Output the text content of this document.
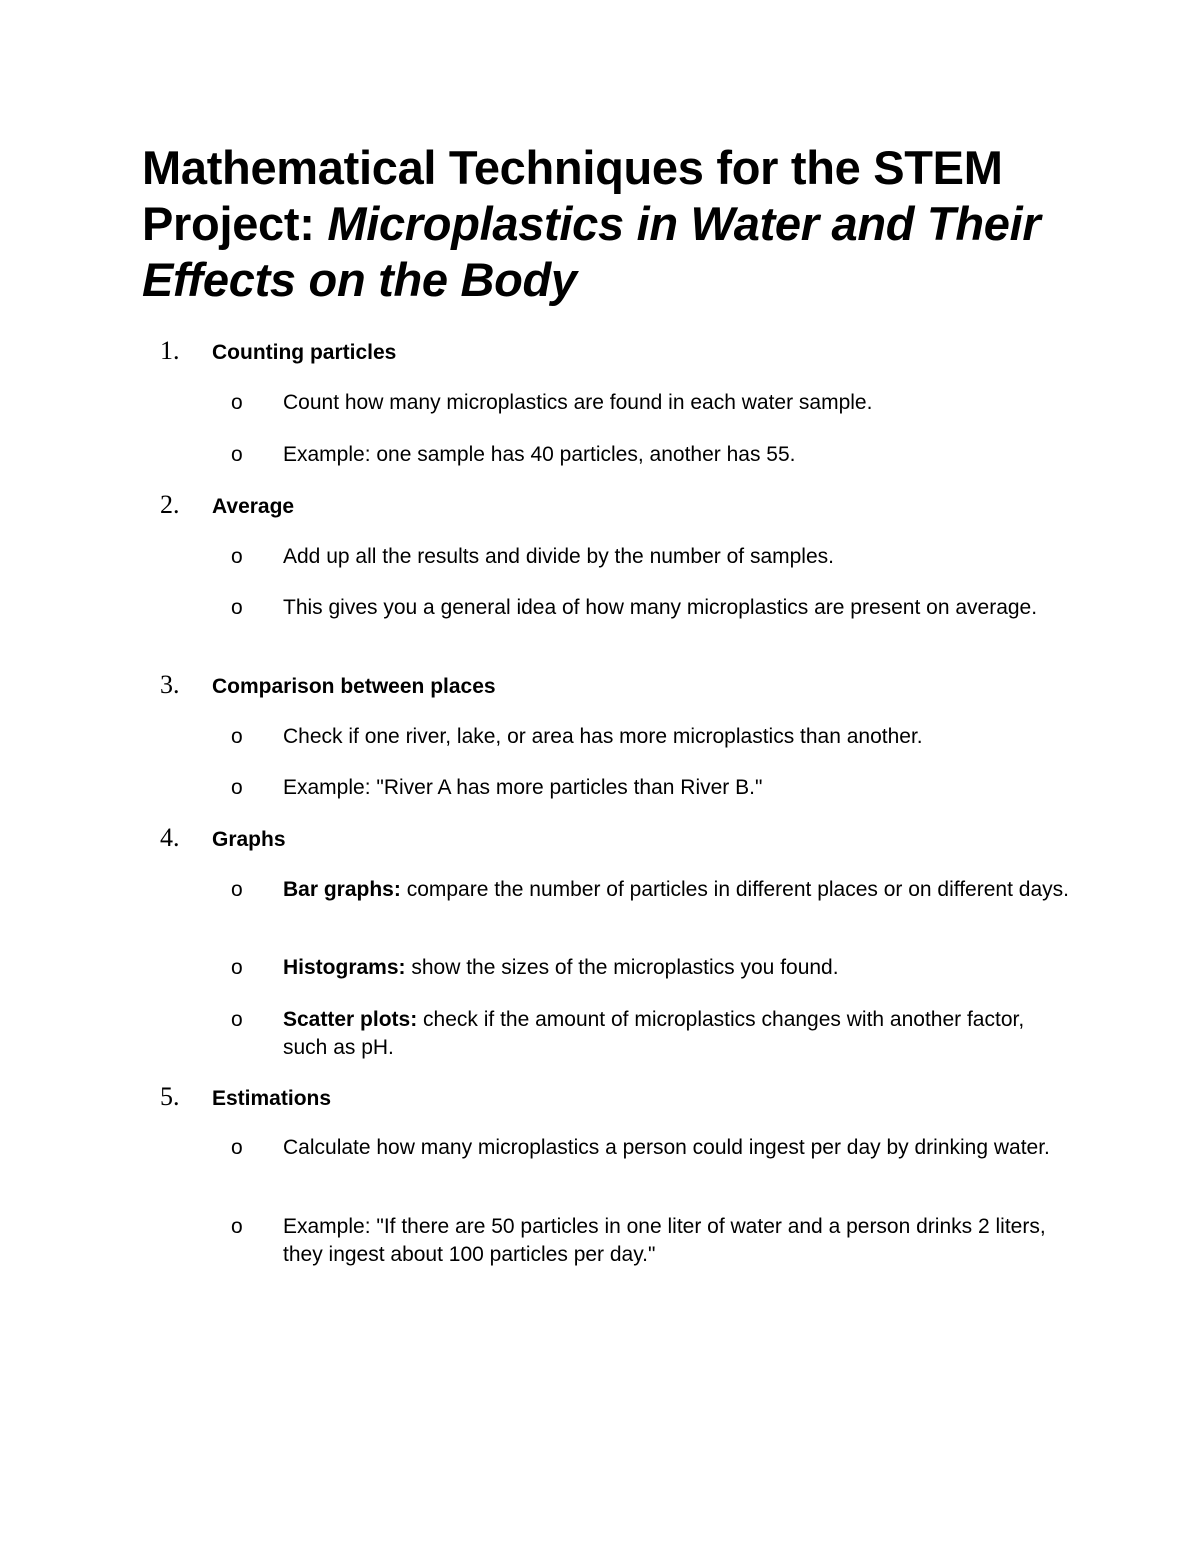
Mathematical Techniques for the STEM Project: Microplastics in Water and Their Effects on the Body
1. Counting particles
o Count how many microplastics are found in each water sample.
o Example: one sample has 40 particles, another has 55.
2. Average
o Add up all the results and divide by the number of samples.
o This gives you a general idea of how many microplastics are present on average.
3. Comparison between places
o Check if one river, lake, or area has more microplastics than another.
o Example: "River A has more particles than River B."
4. Graphs
o Bar graphs: compare the number of particles in different places or on different days.
o Histograms: show the sizes of the microplastics you found.
o Scatter plots: check if the amount of microplastics changes with another factor, such as pH.
5. Estimations
o Calculate how many microplastics a person could ingest per day by drinking water.
o Example: "If there are 50 particles in one liter of water and a person drinks 2 liters, they ingest about 100 particles per day."
